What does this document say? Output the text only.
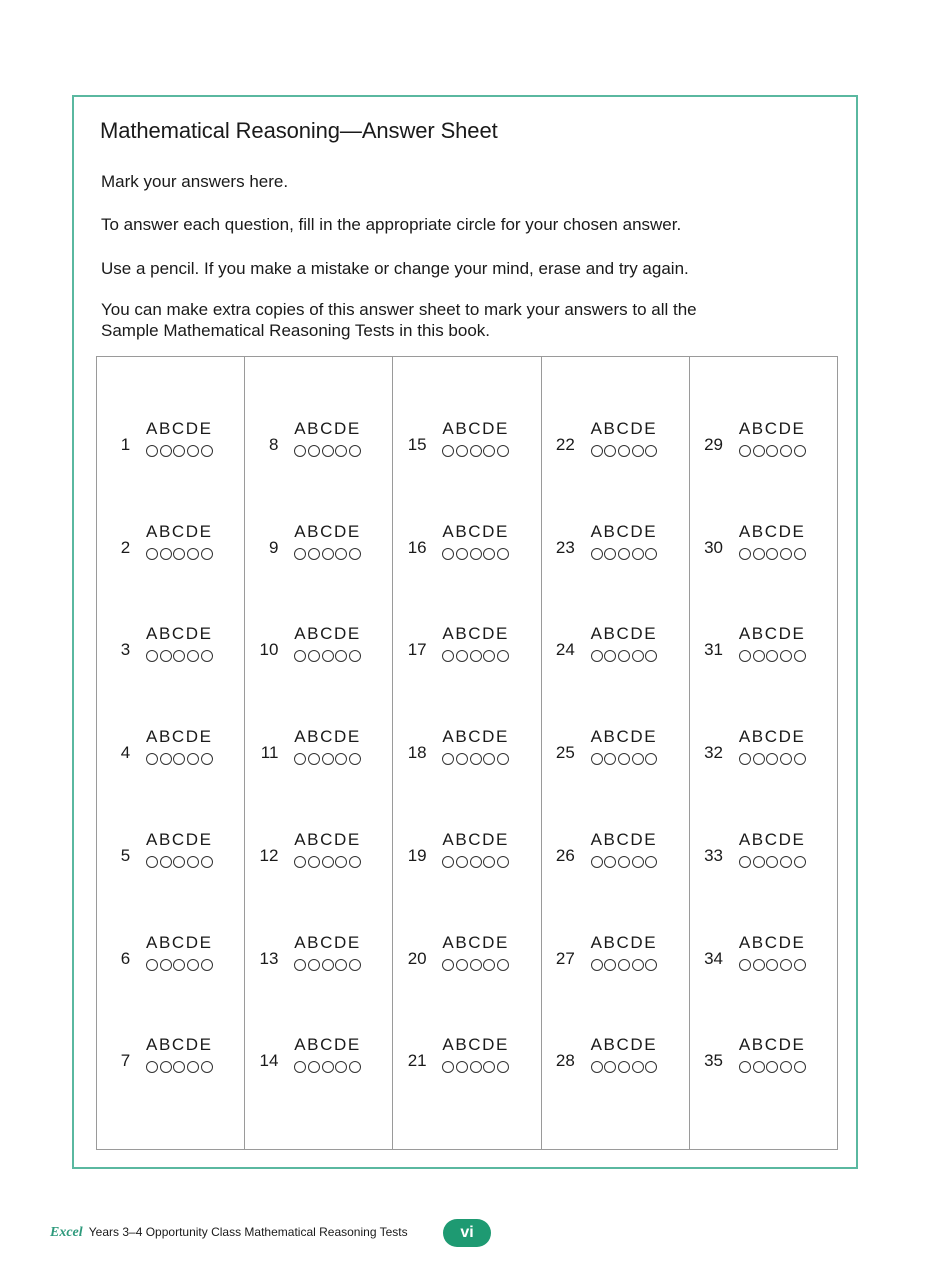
Mathematical Reasoning—Answer Sheet

Mark your answers here.

To answer each question, fill in the appropriate circle for your chosen answer.

Use a pencil. If you make a mistake or change your mind, erase and try again.

You can make extra copies of this answer sheet to mark your answers to all the
Sample Mathematical Reasoning Tests in this book.

1
ABCDE
2
ABCDE
3
ABCDE
4
ABCDE
5
ABCDE
6
ABCDE
7
ABCDE
8
ABCDE
9
ABCDE
10
ABCDE
11
ABCDE
12
ABCDE
13
ABCDE
14
ABCDE
15
ABCDE
16
ABCDE
17
ABCDE
18
ABCDE
19
ABCDE
20
ABCDE
21
ABCDE
22
ABCDE
23
ABCDE
24
ABCDE
25
ABCDE
26
ABCDE
27
ABCDE
28
ABCDE
29
ABCDE
30
ABCDE
31
ABCDE
32
ABCDE
33
ABCDE
34
ABCDE
35
ABCDE
Excel Years 3–4 Opportunity Class Mathematical Reasoning Tests	vi
